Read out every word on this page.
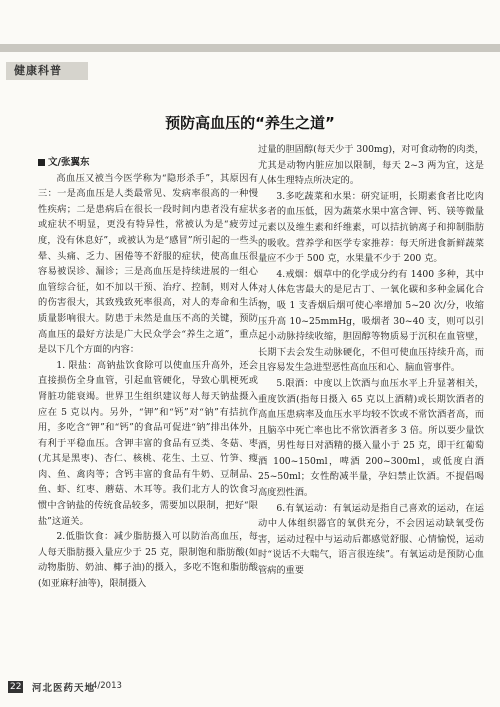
健康科普
预防高血压的“养生之道”

文/张翼东

高血压又被当今医学称为“隐形杀手”，其原因有三：一是高血压是人类最常见、发病率很高的一种慢性疾病；二是患病后在很长一段时间内患者没有症状或症状不明显，更没有特异性，常被认为是“疲劳过度，没有休息好”，或被认为是“感冒”所引起的一些头晕、头痛、乏力、困倦等不舒服的症状，使高血压很容易被误诊、漏诊；三是高血压是持续进展的一组心血管综合征，如不加以干预、治疗、控制，则对人体的伤害很大，其致残致死率很高，对人的寿命和生活质量影响很大。防患于未然是血压不高的关键，预防高血压的最好方法是广大民众学会“养生之道”，重点是以下几个方面的内容：

1. 限盐：高钠盐饮食除可以使血压升高外，还会直接损伤全身血管，引起血管硬化，导致心肌梗死或肾脏功能衰竭。世界卫生组织建议每人每天钠盐摄入应在 5 克以内。另外，“钾”和“钙”对“钠”有拮抗作用，多吃含“钾”和“钙”的食品可促进“钠”排出体外，有利于平稳血压。含钾丰富的食品有豆类、冬菇、枣(尤其是黑枣)、杏仁、核桃、花生、土豆、竹笋、瘦肉、鱼、禽肉等；含钙丰富的食品有牛奶、豆制品、鱼、虾、红枣、蘑菇、木耳等。我们北方人的饮食习惯中含钠盐的传统食品较多，需要加以限制，把好“限盐”这道关。

2.低脂饮食：减少脂肪摄入可以防治高血压，每人每天脂肪摄入量应少于 25 克，限制饱和脂肪酸(如动物脂肪、奶油、椰子油)的摄入，多吃不饱和脂肪酸(如亚麻籽油等)，限制摄入

过量的胆固醇(每天少于 300mg)，对可食动物的肉类，尤其是动物内脏应加以限制，每天 2~3 两为宜，这是人体生理特点所决定的。

3.多吃蔬菜和水果：研究证明，长期素食者比吃肉多者的血压低，因为蔬菜水果中富含钾、钙、镁等微量元素以及维生素和纤维素，可以拮抗钠离子和抑制脂肪的吸收。营养学和医学专家推荐：每天所进食新鲜蔬菜量应不少于 500 克，水果量不少于 200 克。

4.戒烟：烟草中的化学成分约有 1400 多种，其中对人体危害最大的是尼古丁、一氧化碳和多种金属化合物，吸 1 支香烟后烟可使心率增加 5~20 次/分，收缩压升高 10~25mmHg，吸烟者 30~40 支，则可以引起小动脉持续收缩，胆固醇等物质易于沉积在血管壁，长期下去会发生动脉硬化，不但可使血压持续升高，而且容易发生急进型恶性高血压和心、脑血管事件。

5.限酒：中度以上饮酒与血压水平上升显著相关，重度饮酒(指每日摄入 65 克以上酒精)或长期饮酒者的高血压患病率及血压水平均较不饮或不常饮酒者高，而且脑卒中死亡率也比不常饮酒者多 3 倍。所以要少量饮酒，男性每日对酒精的摄入量小于 25 克，即干红葡萄酒 100~150ml，啤酒 200~300ml，或低度白酒 25~50ml；女性酌减半量，孕妇禁止饮酒。不提倡喝高度烈性酒。

6.有氧运动：有氧运动是指自己喜欢的运动，在运动中人体组织器官的氧供充分，不会因运动缺氧受伤害，运动过程中与运动后都感觉舒服、心情愉悦，运动时“说话不大喘气，语言很连续”。有氧运动是预防心血管病的重要

22 河北医药天地
4/2013
